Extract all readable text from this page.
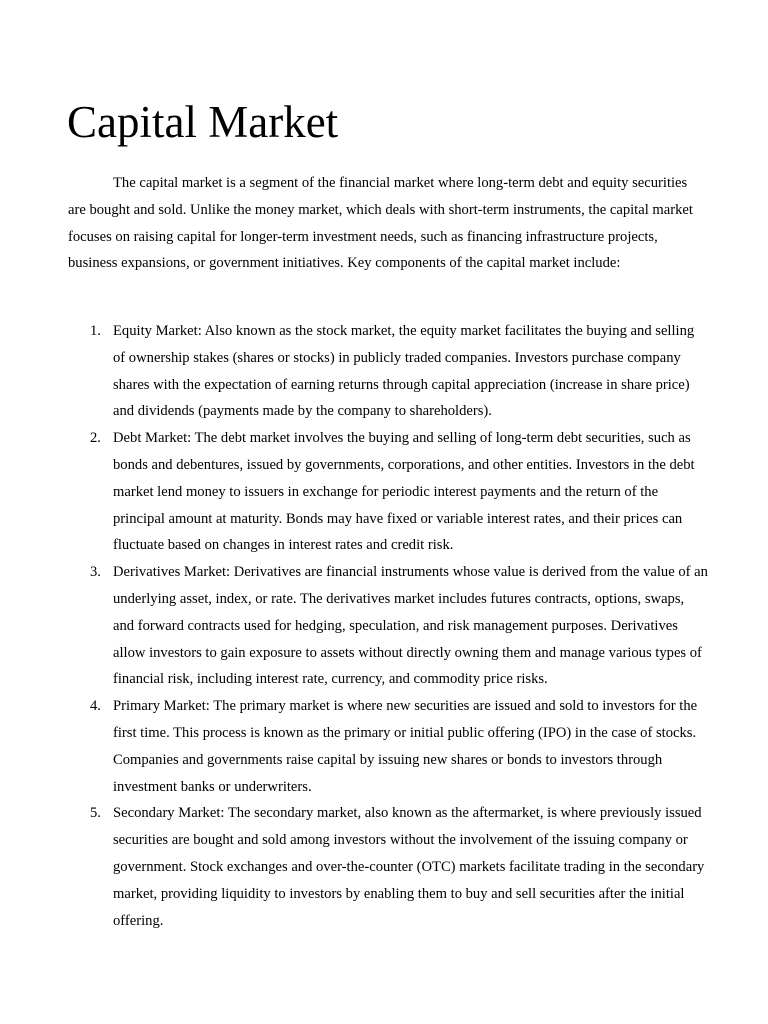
Capital Market

The capital market is a segment of the financial market where long-term debt and equity securities are bought and sold. Unlike the money market, which deals with short-term instruments, the capital market focuses on raising capital for longer-term investment needs, such as financing infrastructure projects, business expansions, or government initiatives. Key components of the capital market include:

1. Equity Market: Also known as the stock market, the equity market facilitates the buying and selling of ownership stakes (shares or stocks) in publicly traded companies. Investors purchase company shares with the expectation of earning returns through capital appreciation (increase in share price) and dividends (payments made by the company to shareholders).
2. Debt Market: The debt market involves the buying and selling of long-term debt securities, such as bonds and debentures, issued by governments, corporations, and other entities. Investors in the debt market lend money to issuers in exchange for periodic interest payments and the return of the principal amount at maturity. Bonds may have fixed or variable interest rates, and their prices can fluctuate based on changes in interest rates and credit risk.
3. Derivatives Market: Derivatives are financial instruments whose value is derived from the value of an underlying asset, index, or rate. The derivatives market includes futures contracts, options, swaps, and forward contracts used for hedging, speculation, and risk management purposes. Derivatives allow investors to gain exposure to assets without directly owning them and manage various types of financial risk, including interest rate, currency, and commodity price risks.
4. Primary Market: The primary market is where new securities are issued and sold to investors for the first time. This process is known as the primary or initial public offering (IPO) in the case of stocks. Companies and governments raise capital by issuing new shares or bonds to investors through investment banks or underwriters.
5. Secondary Market: The secondary market, also known as the aftermarket, is where previously issued securities are bought and sold among investors without the involvement of the issuing company or government. Stock exchanges and over-the-counter (OTC) markets facilitate trading in the secondary market, providing liquidity to investors by enabling them to buy and sell securities after the initial offering.
